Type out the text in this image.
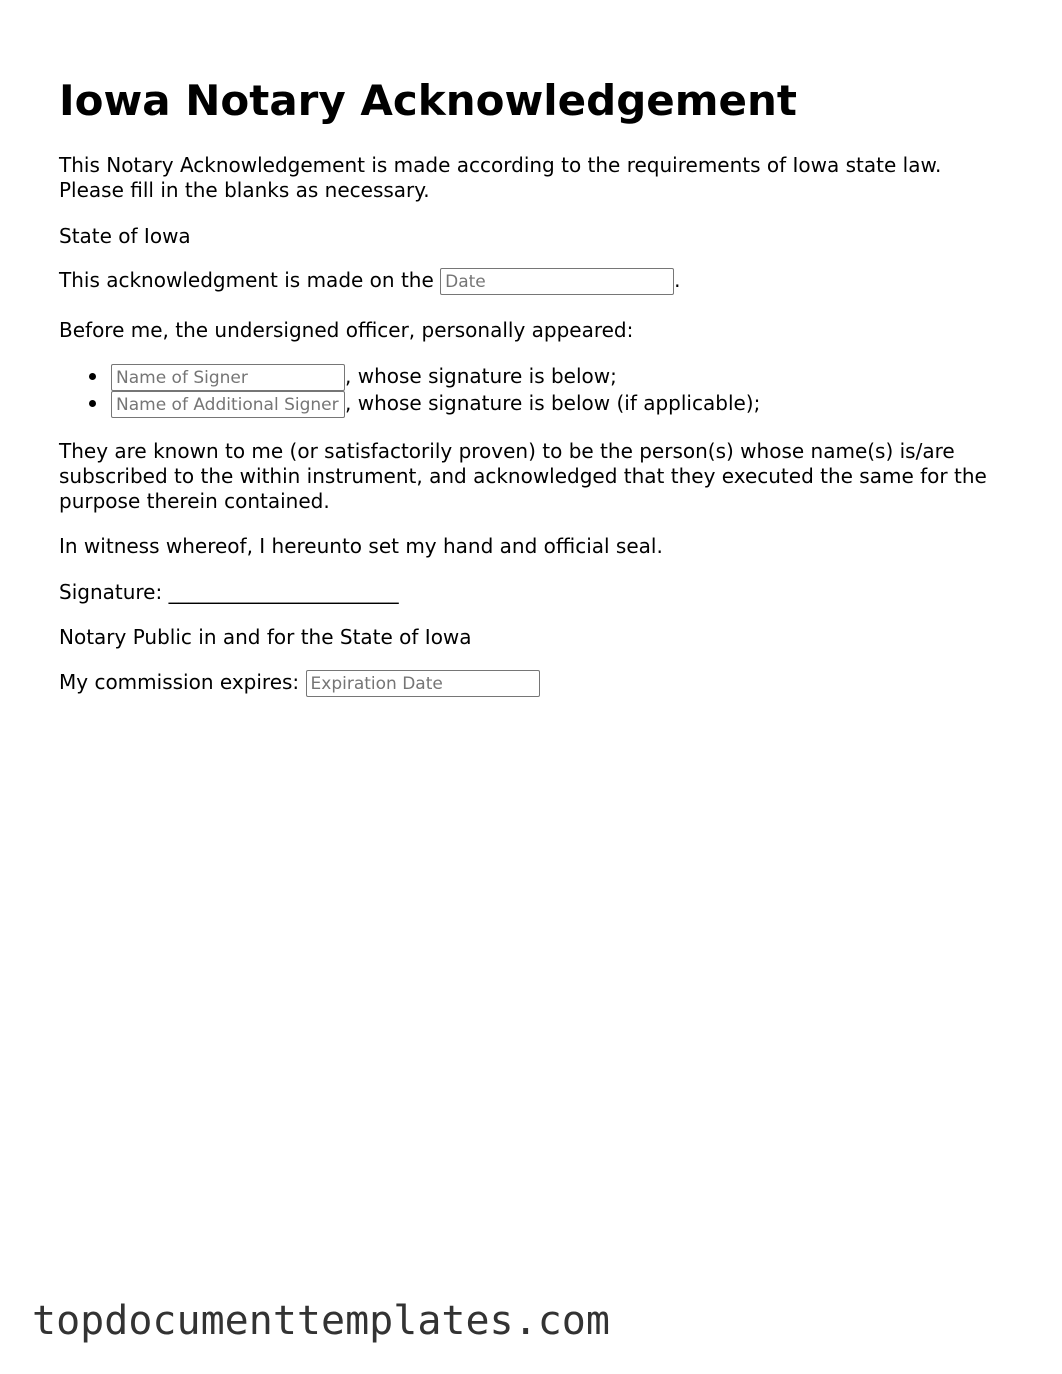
Iowa Notary Acknowledgement
This Notary Acknowledgement is made according to the requirements of Iowa state law. Please fill in the blanks as necessary.
State of Iowa
This acknowledgment is made on the Date	.
Before me, the undersigned officer, personally appeared:
Name of Signer, whose signature is below;
Name of Additional Signer, whose signature is below (if applicable);
They are known to me (or satisfactorily proven) to be the person(s) whose name(s) is/are subscribed to the within instrument, and acknowledged that they executed the same for the purpose therein contained.
In witness whereof, I hereunto set my hand and official seal.
Signature: _______________________
Notary Public in and for the State of Iowa
My commission expires: Expiration Date
topdocumenttemplates.com
